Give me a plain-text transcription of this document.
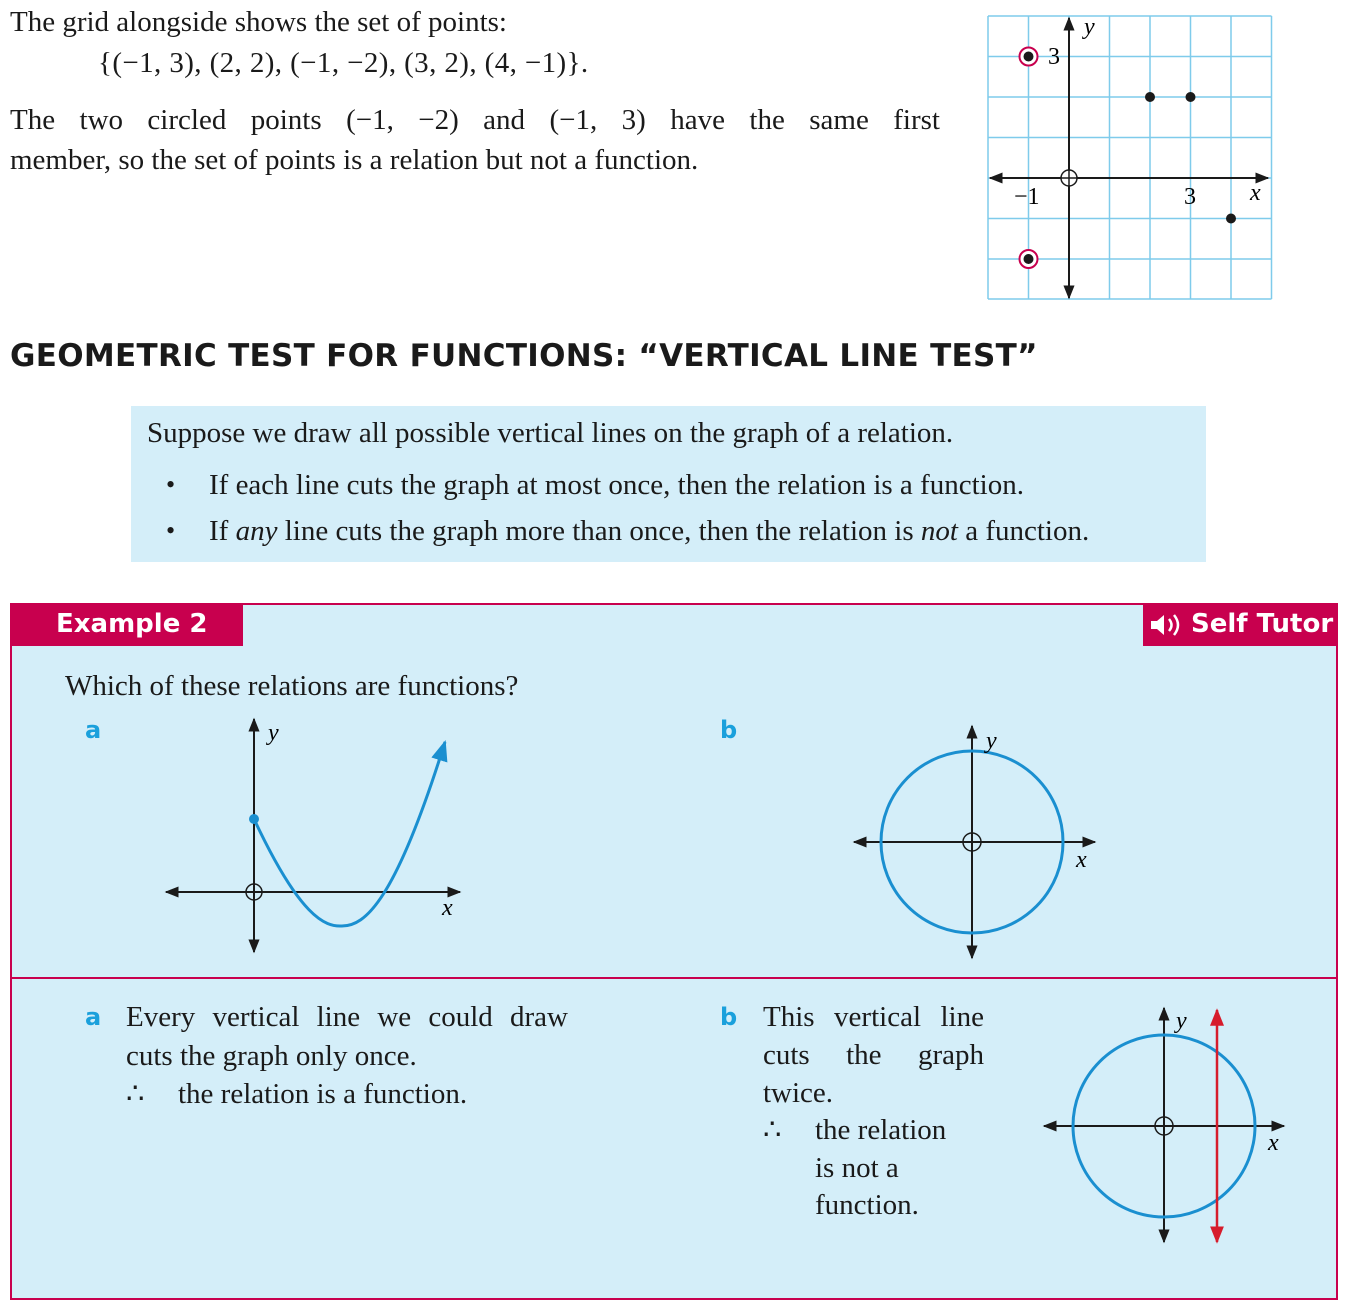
The grid alongside shows the set of points:
{(−1, 3), (2, 2), (−1, −2), (3, 2), (4, −1)}.
The two circled points (−1, −2) and (−1, 3) have the same first
member, so the set of points is a relation but not a function.
y
x
3
−1	3
GEOMETRIC TEST FOR FUNCTIONS: “VERTICAL LINE TEST”
Suppose we draw all possible vertical lines on the graph of a relation.
• If each line cuts the graph at most once, then the relation is a function.
• If any line cuts the graph more than once, then the relation is not a function.
Example 2	Self Tutor
Which of these relations are functions?
a	b
y
x
y
x
a Every vertical line we could draw
cuts the graph only once.
∴ the relation is a function.
b This vertical line
cuts the graph
twice.
∴ the relation
is not a
function.
y
x
